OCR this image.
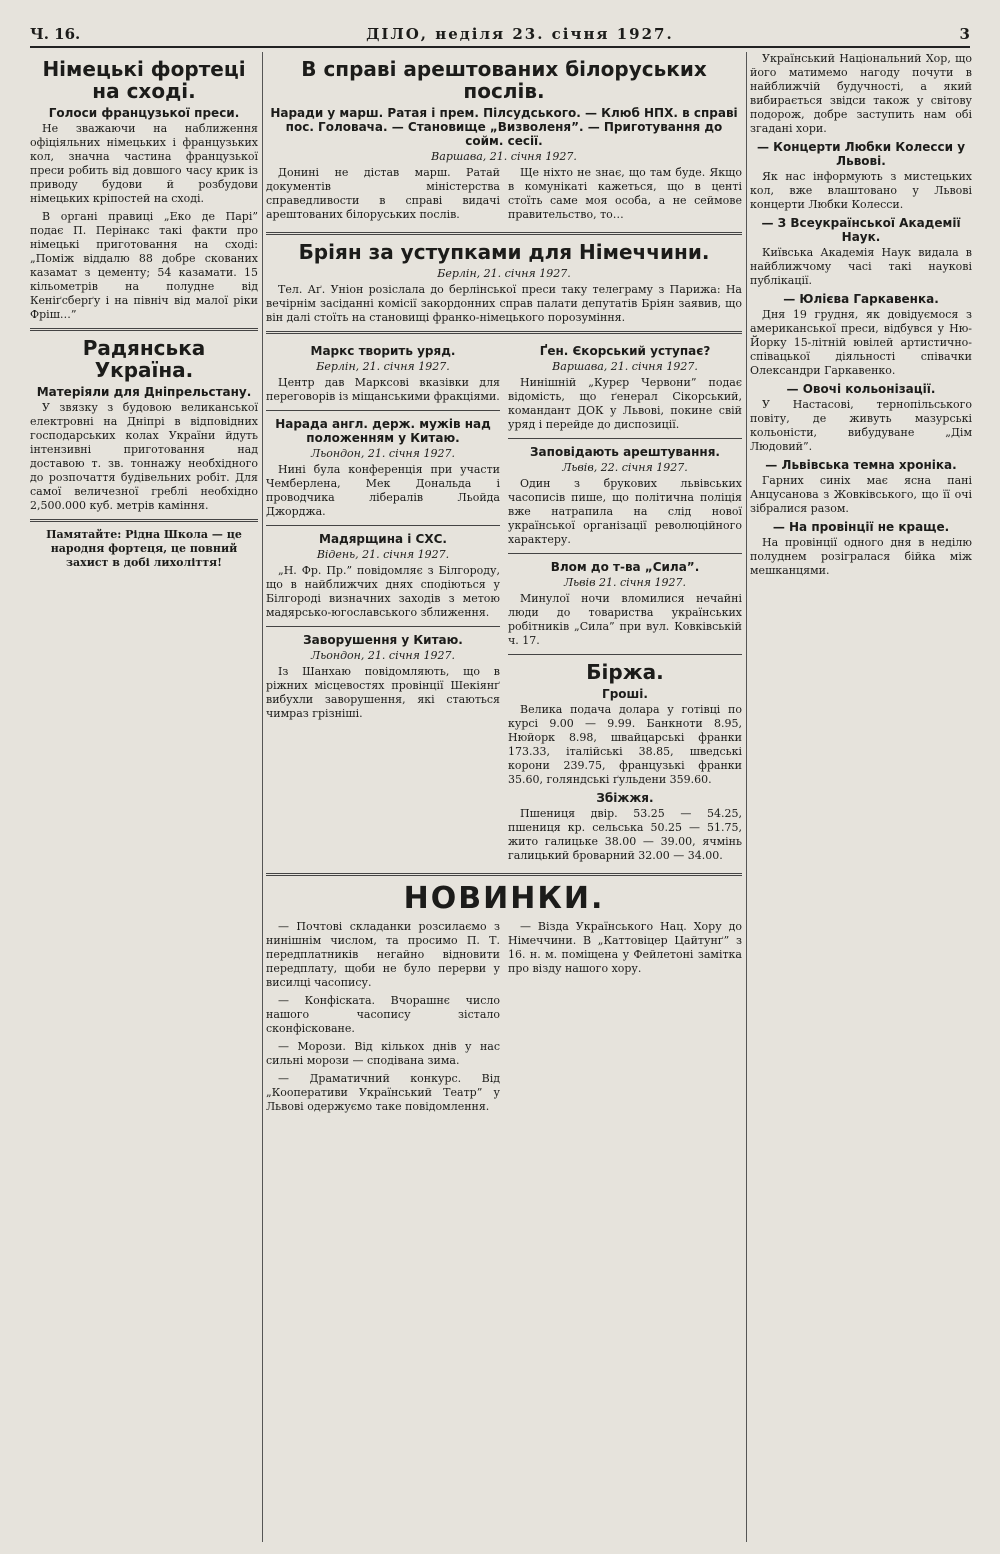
Ч. 16.	ДІЛО, неділя 23. січня 1927.	3
Німецькі фортеці на сході.
Голоси французької преси.

Не зважаючи на наближення офіціяльних німецьких і французьких кол, значна частина французької преси робить від довшого часу крик із приводу будови й розбудови німецьких кріпостей на сході.

В органі правиці „Еко де Парі” подає П. Перінакс такі факти про німецькі приготовання на сході: „Поміж віддалю 88 добре скованих казамат з цементу; 54 казамати. 15 кільометрів на полудне від Кеніґсберґу і на північ від малої ріки Фріш…”

Радянська Україна.
Матеріяли для Дніпрельстану.

У звязку з будовою великанської електровні на Дніпрі в відповідних господарських колах України йдуть інтензивні приготовання над доставою т. зв. тоннажу необхідного до розпочаття будівельних робіт. Для самої величезної греблі необхідно 2,500.000 куб. метрів каміння.

Памятайте: Рідна Школа — це народня фортеця, це повний захист в добі лихоліття!
В справі арештованих білоруських послів.
Наради у марш. Ратая і прем. Пілсудського. — Клюб НПХ. в справі пос. Головача. — Становище „Визволеня”. — Приготування до сойм. сесії.
Варшава, 21. січня 1927.

Донині не дістав марш. Ратай документів міністерства справедливости в справі видачі арештованих білоруських послів.

Ще ніхто не знає, що там буде. Якщо в комунікаті кажеться, що в центі стоїть саме моя особа, а не сеймове правительство, то…

Бріян за уступками для Німеччини.
Берлін, 21. січня 1927.

Тел. Аґ. Уніон розіслала до берлінської преси таку телеграму з Парижа: На вечірнім засіданні комісії закордонних справ палати депутатів Бріян заявив, що він далі стоїть на становищі франко-німецького порозуміння.

Маркс творить уряд.
Берлін, 21. січня 1927.

Центр дав Марксові вказівки для переговорів із міщанськими фракціями.

Нарада англ. держ. мужів над положенням у Китаю.
Льондон, 21. січня 1927.

Нині була конференція при участи Чемберлена, Мек Дональда і проводчика лібералів Льойда Джорджа.

Мадярщина і СХС.
Відень, 21. січня 1927.

„Н. Фр. Пр.” повідомляє з Білгороду, що в найближчих днях сподіються у Білгороді визначних заходів з метою мадярсько-югославського зближення.

Заворушення у Китаю.
Льондон, 21. січня 1927.

Із Шанхаю повідомляють, що в ріжних місцевостях провінції Шекіянґ вибухли заворушення, які стаються чимраз грізніші.

Ґен. Єкорський уступає?
Варшава, 21. січня 1927.

Нинішній „Курєр Червони” подає відомість, що ґенерал Сікорський, командант ДОК у Львові, покине свій уряд і перейде до диспозиції.

Заповідають арештування.
Львів, 22. січня 1927.

Один з брукових львівських часописів пише, що політична поліція вже натрапила на слід нової української організації революційного характеру.

Влом до т-ва „Сила”.
Львів 21. січня 1927.

Минулої ночи вломилися нечайні люди до товариства українських робітників „Сила” при вул. Ковківській ч. 17.

Біржа.
Гроші.

Велика подача долара у готівці по курсі 9.00 — 9.99. Банкноти 8.95, Нюйорк 8.98, швайцарські франки 173.33, італійські 38.85, шведські корони 239.75, французькі франки 35.60, голяндські ґульдени 359.60.

Збіжжя.

Пшениця двір. 53.25 — 54.25, пшениця кр. сельська 50.25 — 51.75, жито галицьке 38.00 — 39.00, ячмінь галицький броварний 32.00 — 34.00.

НОВИНКИ.

— Почтові складанки розсилаємо з нинішнім числом, та просимо П. Т. передплатників негайно відновити передплату, щоби не було перерви у висилці часопису.

— Конфіската. Вчорашнє число нашого часопису зістало сконфісковане.

— Морози. Від кількох днів у нас сильні морози — сподівана зима.

— Драматичний конкурс. Від „Кооперативи Український Театр” у Львові одержуємо таке повідомлення.

— Візда Українського Нац. Хору до Німеччини. В „Каттовіцер Цайтунґ” з 16. н. м. поміщена у Фейлетоні замітка про візду нашого хору.

Український Національний Хор, що його матимемо нагоду почути в найближчій будучності, а який вибирається звідси також у світову подорож, добре заступить нам обі згадані хори.

— Концерти Любки Колесси у Львові.

Як нас інформують з мистецьких кол, вже влаштовано у Львові концерти Любки Колесси.

— З Всеукраїнської Академії Наук.

Київська Академія Наук видала в найближчому часі такі наукові публікації.

— Юлієва Гаркавенка.

Дня 19 грудня, як довідуємося з американської преси, відбувся у Ню-Йорку 15-літній ювілей артистично-співацької діяльності співачки Олександри Гаркавенко.

— Овочі кольонізації.

У Настасові, тернопільського повіту, де живуть мазурські кольоністи, вибудуване „Дім Людовий”.

— Львівська темна хроніка.

Гарних синіх має ясна пані Анцусанова з Жовківського, що її очі зібралися разом.

— На провінції не краще.

На провінції одного дня в неділю полуднем розігралася бійка між мешканцями.
